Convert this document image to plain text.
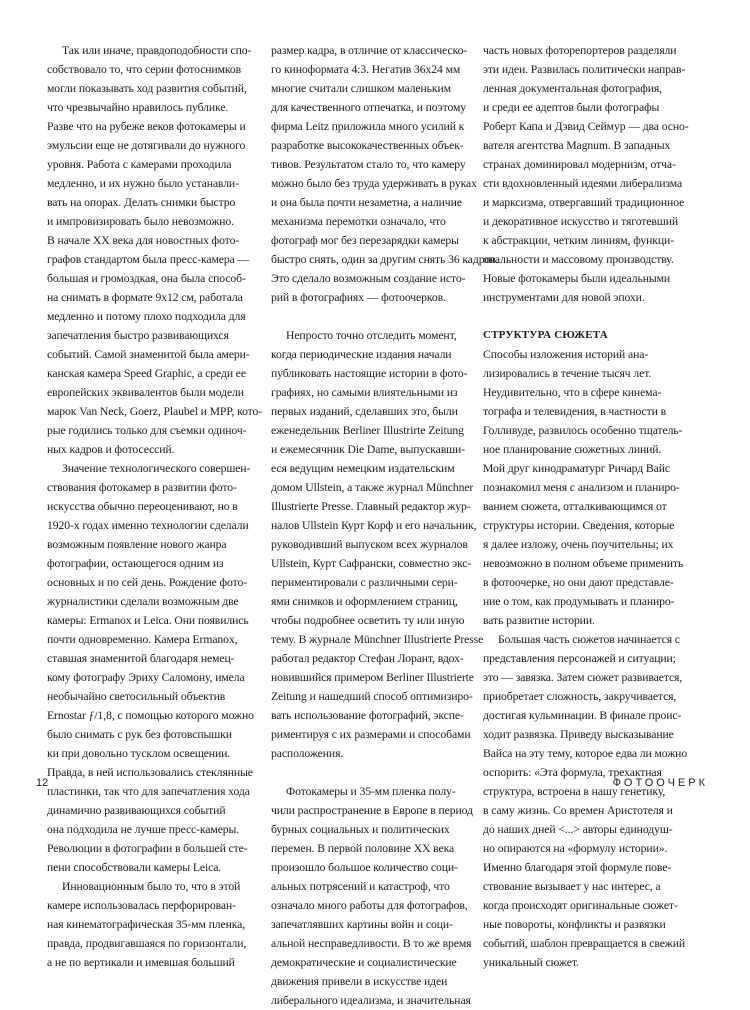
Так или иначе, правдоподобности спо-

собствовало то, что серии фотоснимков

могли показывать ход развития событий,

что чрезвычайно нравилось публике.

Разве что на рубеже веков фотокамеры и

эмульсии еще не дотягивали до нужного

уровня. Работа с камерами проходила

медленно, и их нужно было устанавли-

вать на опорах. Делать снимки быстро

и импровизировать было невозможно.

В начале XX века для новостных фото-

графов стандартом была пресс-камера —

большая и громоздкая, она была способ-

на снимать в формате 9x12 см, работала

медленно и потому плохо подходила для

запечатления быстро развивающихся

событий. Самой знаменитой была амери-

канская камера Speed Graphic, а среди ее

европейских эквивалентов были модели

марок Van Neck, Goerz, Plaubel и MPP, кото-

рые годились только для съемки одиноч-

ных кадров и фотосессий.

Значение технологического совершен-

ствования фотокамер в развитии фото-

искусства обычно переоценивают, но в

1920-х годах именно технологии сделали

возможным появление нового жанра

фотографии, остающегося одним из

основных и по сей день. Рождение фото-

журналистики сделали возможным две

камеры: Ermanox и Leica. Они появились

почти одновременно. Камера Ermanox,

ставшая знаменитой благодаря немец-

кому фотографу Эриху Саломону, имела

необычайно светосильный объектив

Ernostar ƒ/1,8, с помощью которого можно

было снимать с рук без фотовспышки

ки при довольно тусклом освещении.

Правда, в ней использовались стеклянные

пластинки, так что для запечатления хода

динамично развивающихся событий

она подходила не лучше пресс-камеры.

Революции в фотографии в большей сте-

пени способствовали камеры Leica.

Инновационным было то, что в этой

камере использовалась перфорирован-

ная кинематографическая 35-мм пленка,

правда, продвигавшаяся по горизонтали,

а не по вертикали и имевшая больший

размер кадра, в отличие от классическо-

го кинoформата 4:3. Негатив 36x24 мм

многие считали слишком маленьким

для качественного отпечатка, и поэтому

фирма Leitz приложила много усилий к

разработке высококачественных объек-

тивов. Результатом стало то, что камеру

можно было без труда удерживать в руках

и она была почти незаметна, а наличие

механизма перемотки означало, что

фотограф мог без перезарядки камеры

быстро снять, один за другим снять 36 кадров.

Это сделало возможным создание исто-

рий в фотографиях — фотоочерков.

Непросто точно отследить момент,

когда периодические издания начали

публиковать настоящие истории в фото-

графиях, но самыми влиятельными из

первых изданий, сделавших это, были

еженедельник Berliner Illustrirte Zeitung

и ежемесячник Die Dame, выпускавши-

еся ведущим немецким издательским

домом Ullstein, а также журнал Münchner

Illustrierte Presse. Главный редактор жур-

налов Ullstein Курт Корф и его начальник,

руководивший выпуском всех журналов

Ullstein, Курт Сафрански, совместно экс-

периментировали с различными сери-

ями снимков и оформлением страниц,

чтобы подробнее осветить ту или иную

тему. В журнале Münchner Illustrierte Presse

работал редактор Стефан Лорант, вдох-

новившийся примером Berliner Illustrierte

Zeitung и нашедший способ оптимизиро-

вать использование фотографий, экспе-

риментируя с их размерами и способами

расположения.

Фотокамеры и 35-мм пленка полу-

чили распространение в Европе в период

бурных социальных и политических

перемен. В первой половине XX века

произошло большое количество соци-

альных потрясений и катастроф, что

означало много работы для фотографов,

запечатлявших картины войн и соци-

альной несправедливости. В то же время

демократические и социалистические

движения привели в искусстве идеи

либерального идеализма, и значительная

часть новых фоторепортеров разделяли

эти идеи. Развилась политически направ-

ленная документальная фотография,

и среди ее адептов были фотографы

Роберт Капа и Дэвид Сеймур — два осно-

вателя агентства Magnum. В западных

странах доминировал модернизм, отча-

сти вдохновленный идеями либерализма

и марксизма, отвергавший традиционное

и декоративное искусство и тяготевший

к абстракции, четким линиям, функци-

ональности и массовому производству.

Новые фотокамеры были идеальными

инструментами для новой эпохи.

СТРУКТУРА СЮЖЕТА

Способы изложения историй ана-

лизировались в течение тысяч лет.

Неудивительно, что в сфере кинема-

тографа и телевидения, в частности в

Голливуде, развилось особенно тщатель-

ное планирование сюжетных линий.

Мой друг кинодраматург Ричард Вайс

познакомил меня с анализом и планиро-

ванием сюжета, отталкивающимся от

структуры истории. Сведения, которые

я далее изложу, очень поучительны; их

невозможно в полном объеме применить

в фотоочерке, но они дают представле-

ние о том, как продумывать и планиро-

вать развитие истории.

Большая часть сюжетов начинается с

представления персонажей и ситуации;

это — завязка. Затем сюжет развивается,

приобретает сложность, закручивается,

достигая кульминации. В финале проис-

ходит развязка. Приведу высказывание

Вайса на эту тему, которое едва ли можно

оспорить: «Эта формула, трехактная

структура, встроена в нашу генетику,

в саму жизнь. Со времен Аристотеля и

до наших дней <...> авторы единодуш-

но опираются на «формулу истории».

Именно благодаря этой формуле пове-

ствование вызывает у нас интерес, а

когда происходят оригинальные сюжет-

ные повороты, конфликты и развязки

событий, шаблон превращается в свежий

уникальный сюжет.

12	ФОТООЧЕРК
